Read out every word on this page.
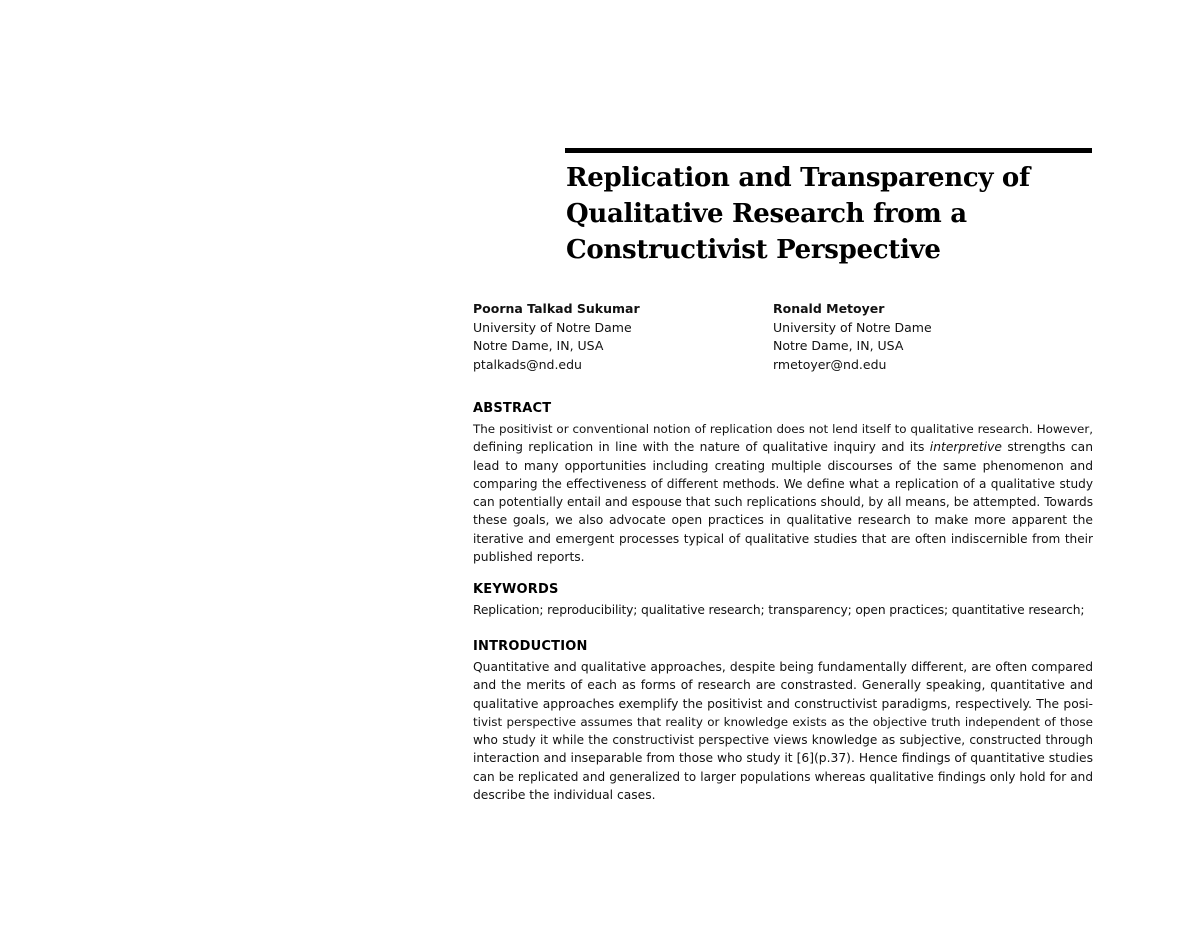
Replication and Transparency of
Qualitative Research from a
Constructivist Perspective
Poorna Talkad Sukumar
University of Notre Dame
Notre Dame, IN, USA
ptalkads@nd.edu
Ronald Metoyer
University of Notre Dame
Notre Dame, IN, USA
rmetoyer@nd.edu
ABSTRACT
The positivist or conventional notion of replication does not lend itself to qualitative research. However,
defining replication in line with the nature of qualitative inquiry and its interpretive strengths can
lead to many opportunities including creating multiple discourses of the same phenomenon and
comparing the effectiveness of different methods. We define what a replication of a qualitative study
can potentially entail and espouse that such replications should, by all means, be attempted. Towards
these goals, we also advocate open practices in qualitative research to make more apparent the
iterative and emergent processes typical of qualitative studies that are often indiscernible from their
published reports.
KEYWORDS
Replication; reproducibility; qualitative research; transparency; open practices; quantitative research;
INTRODUCTION
Quantitative and qualitative approaches, despite being fundamentally different, are often compared
and the merits of each as forms of research are constrasted. Generally speaking, quantitative and
qualitative approaches exemplify the positivist and constructivist paradigms, respectively. The posi-
tivist perspective assumes that reality or knowledge exists as the objective truth independent of those
who study it while the constructivist perspective views knowledge as subjective, constructed through
interaction and inseparable from those who study it [6](p.37). Hence findings of quantitative studies
can be replicated and generalized to larger populations whereas qualitative findings only hold for and
describe the individual cases.
